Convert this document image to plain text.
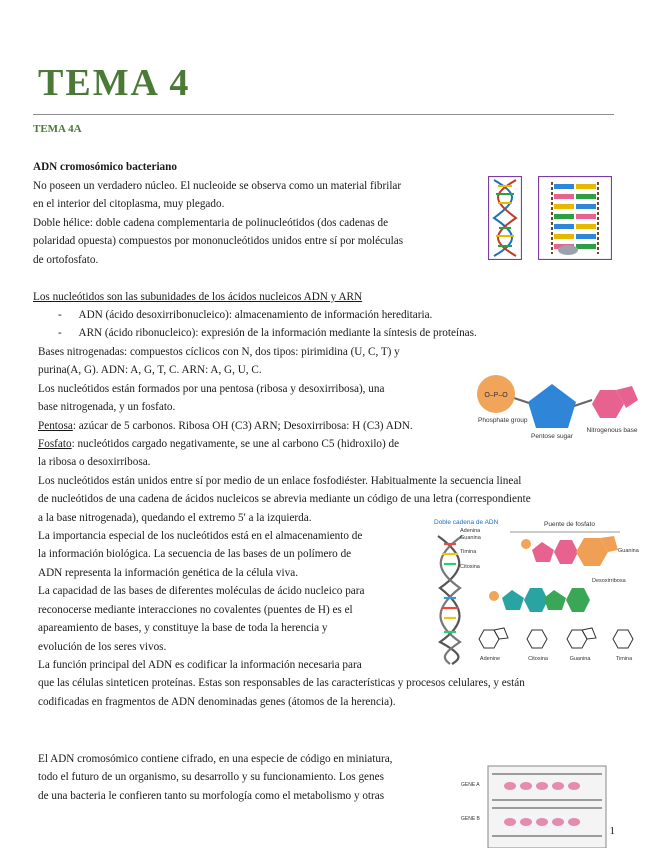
TEMA 4
TEMA 4A
ADN cromosómico bacteriano
No poseen un verdadero núcleo. El nucleoide se observa como un material fibrilar
en el interior del citoplasma, muy plegado.
Doble hélice: doble cadena complementaria de polinucleótidos (dos cadenas de
polaridad opuesta) compuestos por mononucleótidos unidos entre sí por moléculas
de ortofosfato.
Los nucleótidos son las subunidades de los ácidos nucleicos ADN y ARN
-      ADN (ácido desoxirribonucleico): almacenamiento de información hereditaria.
-      ARN (ácido ribonucleico): expresión de la información mediante la síntesis de proteínas.
Bases nitrogenadas: compuestos cíclicos con N, dos tipos: pirimidina (U, C, T) y
purina(A, G). ADN: A, G, T, C. ARN: A, G, U, C.
Los nucleótidos están formados por una pentosa (ribosa y desoxirribosa), una
base nitrogenada, y un fosfato.
Pentosa: azúcar de 5 carbonos. Ribosa OH (C3) ARN; Desoxirribosa: H (C3) ADN.
Fosfato: nucleótidos cargado negativamente, se une al carbono C5 (hidroxilo) de
la ribosa o desoxirribosa.
Los nucleótidos están unidos entre sí por medio de un enlace fosfodiéster. Habitualmente la secuencia lineal
de nucleótidos de una cadena de ácidos nucleicos se abrevia mediante un código de una letra (correspondiente
a la base nitrogenada), quedando el extremo 5' a la izquierda.
La importancia especial de los nucleótidos está en el almacenamiento de
la información biológica. La secuencia de las bases de un polímero de
ADN representa la información genética de la célula viva.
La capacidad de las bases de diferentes moléculas de ácido nucleico para
reconocerse mediante interacciones no covalentes (puentes de H) es el
apareamiento de bases, y constituye la base de toda la herencia y
evolución de los seres vivos.
La función principal del ADN es codificar la información necesaria para
que las células sinteticen proteínas. Estas son responsables de las características y procesos celulares, y están
codificadas en fragmentos de ADN denominadas genes (átomos de la herencia).
O–P–O
Phosphate group
Pentose sugar
Nitrogenous base
Doble cadena de ADN
Adenina
Guanina
Timina
Citosina
Puente de fosfato
Guanina
Desoxirribosa
Adenine	Citosina	Guanina	Timina
El ADN cromosómico contiene cifrado, en una especie de código en miniatura,
todo el futuro de un organismo, su desarrollo y su funcionamiento. Los genes
de una bacteria le confieren tanto su morfología como el metabolismo y otras
GENE A
GENE B
1
